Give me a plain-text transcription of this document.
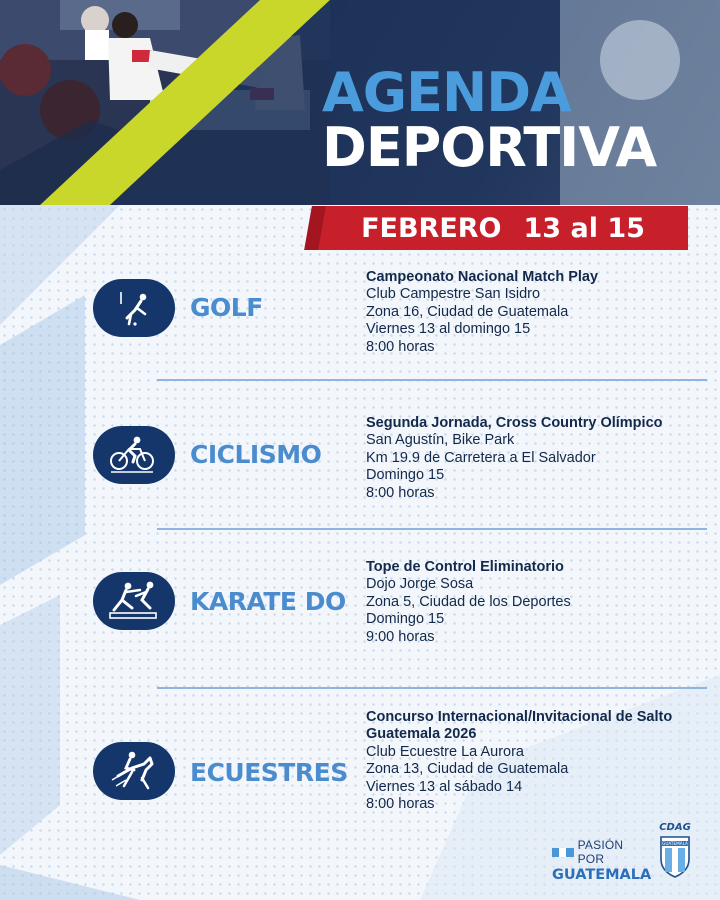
AGENDA
DEPORTIVA
FEBRERO 13 al 15
GOLF
Campeonato Nacional Match Play
Club Campestre San Isidro
Zona 16, Ciudad de Guatemala
Viernes 13 al domingo 15
8:00 horas
CICLISMO
Segunda Jornada, Cross Country Olímpico
San Agustín, Bike Park
Km 19.9 de Carretera a El Salvador
Domingo 15
8:00 horas
KARATE DO
Tope de Control Eliminatorio
Dojo Jorge Sosa
Zona 5, Ciudad de los Deportes
Domingo 15
9:00 horas
ECUESTRES
Concurso Internacional/Invitacional de Salto Guatemala 2026
Club Ecuestre La Aurora
Zona 13, Ciudad de Guatemala
Viernes 13 al sábado 14
8:00 horas
PASIÓN POR
GUATEMALA
CDAG
GUATEMALA
